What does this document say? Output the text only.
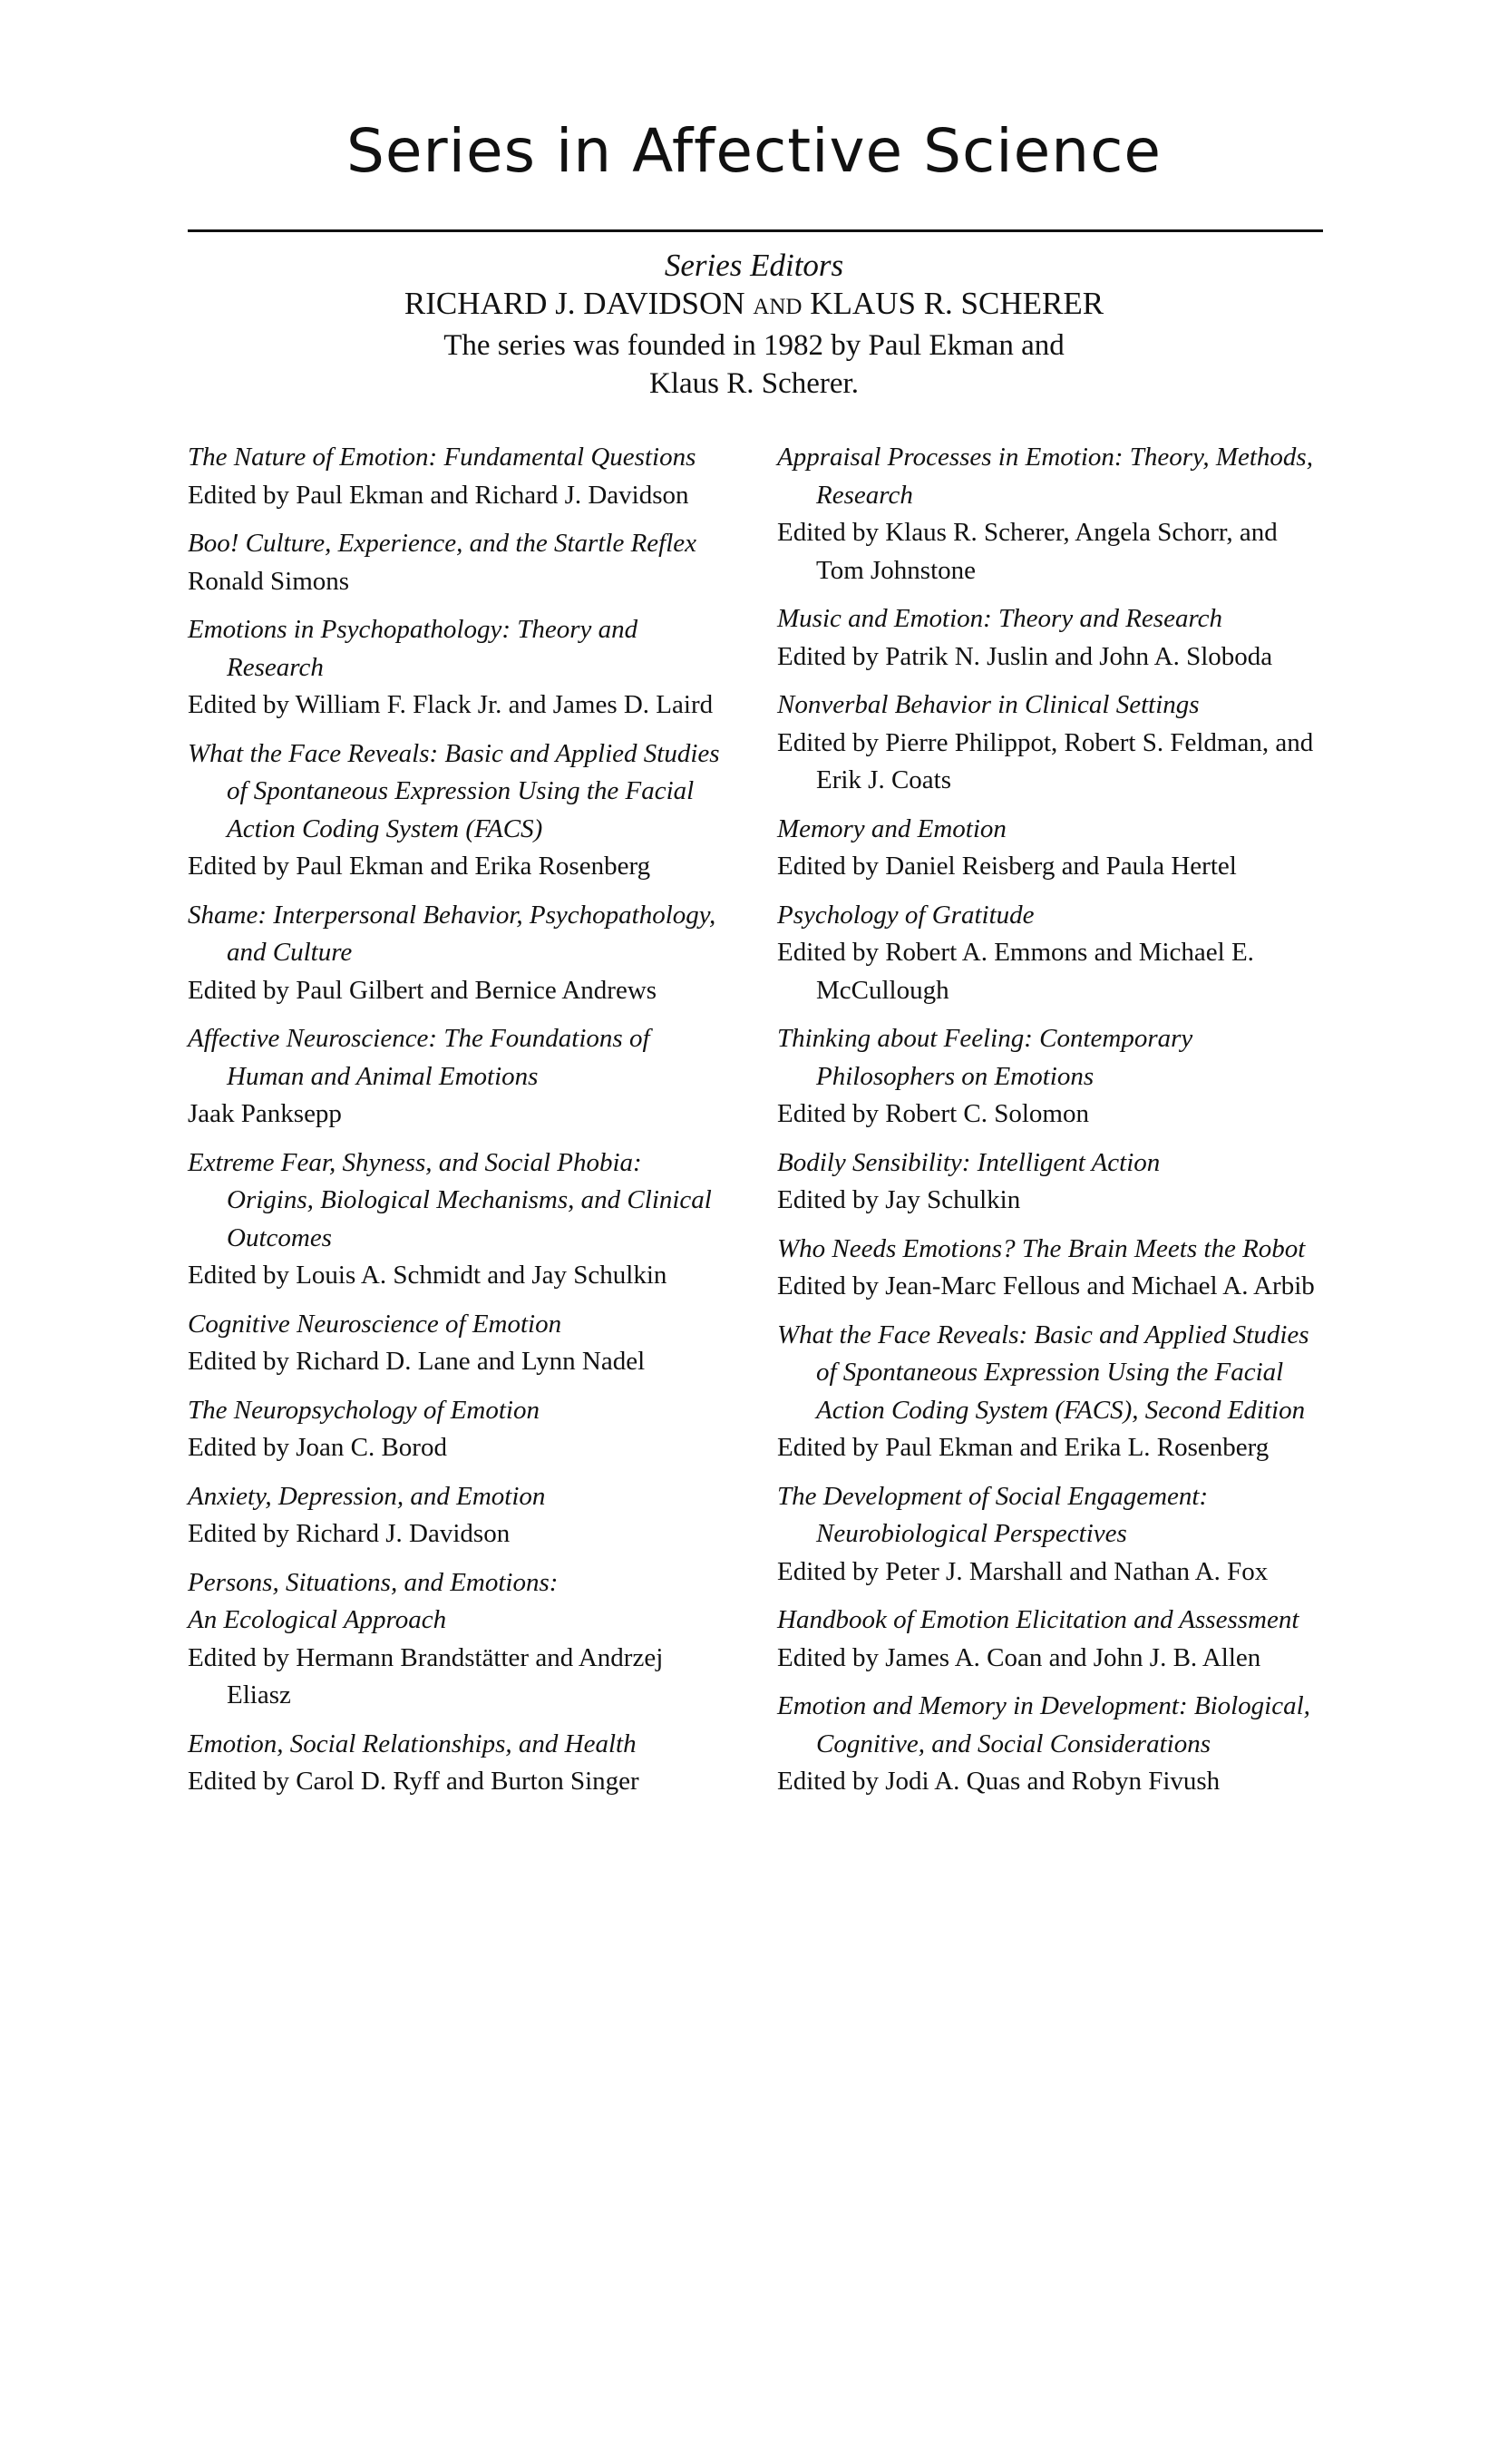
Series in Affective Science
Series Editors
RICHARD J. DAVIDSON AND KLAUS R. SCHERER
The series was founded in 1982 by Paul Ekman and
Klaus R. Scherer.
The Nature of Emotion: Fundamental Questions
Edited by Paul Ekman and Richard J. Davidson
Boo! Culture, Experience, and the Startle Reflex
Ronald Simons
Emotions in Psychopathology: Theory and Research
Edited by William F. Flack Jr. and James D. Laird
What the Face Reveals: Basic and Applied Studies of Spontaneous Expression Using the Facial Action Coding System (FACS)
Edited by Paul Ekman and Erika Rosenberg
Shame: Interpersonal Behavior, Psychopathology, and Culture
Edited by Paul Gilbert and Bernice Andrews
Affective Neuroscience: The Foundations of Human and Animal Emotions
Jaak Panksepp
Extreme Fear, Shyness, and Social Phobia: Origins, Biological Mechanisms, and Clinical Outcomes
Edited by Louis A. Schmidt and Jay Schulkin
Cognitive Neuroscience of Emotion
Edited by Richard D. Lane and Lynn Nadel
The Neuropsychology of Emotion
Edited by Joan C. Borod
Anxiety, Depression, and Emotion
Edited by Richard J. Davidson
Persons, Situations, and Emotions:
An Ecological Approach
Edited by Hermann Brandstätter and Andrzej Eliasz
Emotion, Social Relationships, and Health
Edited by Carol D. Ryff and Burton Singer
Appraisal Processes in Emotion: Theory, Methods, Research
Edited by Klaus R. Scherer, Angela Schorr, and Tom Johnstone
Music and Emotion: Theory and Research
Edited by Patrik N. Juslin and John A. Sloboda
Nonverbal Behavior in Clinical Settings
Edited by Pierre Philippot, Robert S. Feldman, and Erik J. Coats
Memory and Emotion
Edited by Daniel Reisberg and Paula Hertel
Psychology of Gratitude
Edited by Robert A. Emmons and Michael E. McCullough
Thinking about Feeling: Contemporary Philosophers on Emotions
Edited by Robert C. Solomon
Bodily Sensibility: Intelligent Action
Edited by Jay Schulkin
Who Needs Emotions? The Brain Meets the Robot
Edited by Jean-Marc Fellous and Michael A. Arbib
What the Face Reveals: Basic and Applied Studies of Spontaneous Expression Using the Facial Action Coding System (FACS), Second Edition
Edited by Paul Ekman and Erika L. Rosenberg
The Development of Social Engagement: Neurobiological Perspectives
Edited by Peter J. Marshall and Nathan A. Fox
Handbook of Emotion Elicitation and Assessment
Edited by James A. Coan and John J. B. Allen
Emotion and Memory in Development: Biological, Cognitive, and Social Considerations
Edited by Jodi A. Quas and Robyn Fivush
